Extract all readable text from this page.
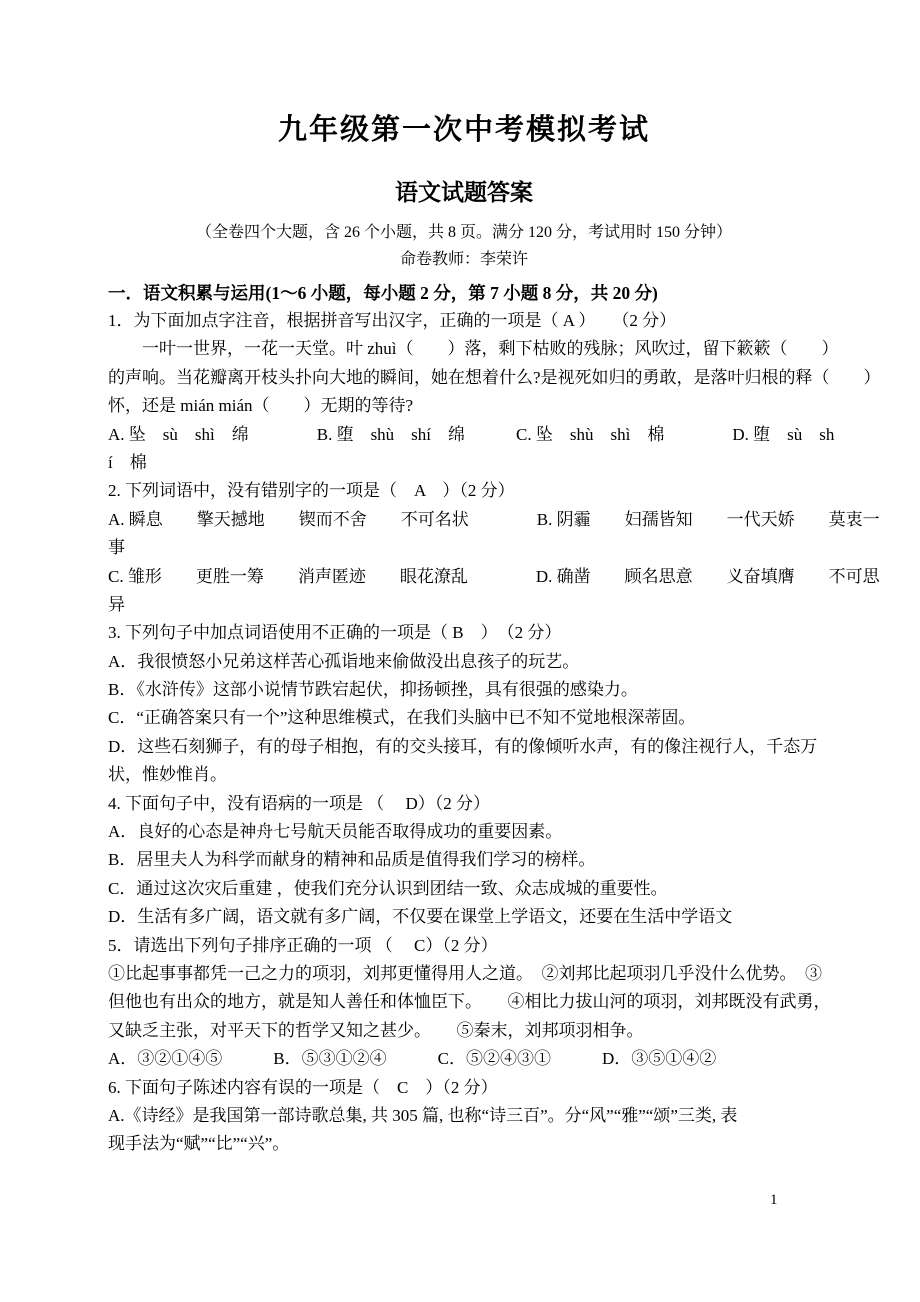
九年级第一次中考模拟考试
语文试题答案
（全卷四个大题，含 26 个小题，共 8 页。满分 120 分，考试用时 150 分钟）
命卷教师：李荣许
一．语文积累与运用(1～6 小题，每小题 2 分，第 7 小题 8 分，共 20 分)
1．为下面加点字注音，根据拼音写出汉字，正确的一项是（ A ）　　（2 分）
　　一叶一世界，一花一天堂。叶 zhuì（　　）落，剩下枯败的残脉；风吹过，留下簌簌（　　）
的声响。当花瓣离开枝头扑向大地的瞬间，她在想着什么?是视死如归的勇敢，是落叶归根的释（　　）
怀，还是 mián mián（　　）无期的等待?
A. 坠　sù　shì　绵　　　　B. 堕　shù　shí　绵　　　C. 坠　shù　shì　棉　　　　D. 堕　sù　sh
í　棉
2. 下列词语中，没有错别字的一项是（　A　）（2 分）
A. 瞬息　　擎天撼地　　锲而不舍　　不可名状　　　　B. 阴霾　　妇孺皆知　　一代天娇　　莫衷一
事
C. 雏形　　更胜一筹　　消声匿迹　　眼花潦乱　　　　D. 确凿　　顾名思意　　义奋填膺　　不可思
异
3. 下列句子中加点词语使用不正确的一项是（ B　）　（2 分）
A．我很愤怒小兄弟这样苦心孤诣地来偷做没出息孩子的玩艺。
B．《水浒传》这部小说情节跌宕起伏，抑扬顿挫，具有很强的感染力。
C．“正确答案只有一个”这种思维模式，在我们头脑中已不知不觉地根深蒂固。
D．这些石刻狮子，有的母子相抱，有的交头接耳，有的像倾听水声，有的像注视行人，千态万
状，惟妙惟肖。
4. 下面句子中，没有语病的一项是 （　 D）（2 分）
A．良好的心态是神舟七号航天员能否取得成功的重要因素。
B．居里夫人为科学而献身的精神和品质是值得我们学习的榜样。
C．通过这次灾后重建 ，使我们充分认识到团结一致、众志成城的重要性。
D．生活有多广阔，语文就有多广阔，不仅要在课堂上学语文，还要在生活中学语文
5．请选出下列句子排序正确的一项 （　 C）（2 分）
①比起事事都凭一己之力的项羽，刘邦更懂得用人之道。　②刘邦比起项羽几乎没什么优势。　③
但他也有出众的地方，就是知人善任和体恤臣下。　　④相比力拔山河的项羽，刘邦既没有武勇，
又缺乏主张，对平天下的哲学又知之甚少。　　⑤秦末，刘邦项羽相争。
A．③②①④⑤　　　B．⑤③①②④　　　C．⑤②④③①　　　D．③⑤①④②
6. 下面句子陈述内容有误的一项是（　C　）（2 分）
A.《诗经》是我国第一部诗歌总集, 共 305 篇, 也称“诗三百”。分“风”“雅”“颂”三类, 表
现手法为“赋”“比”“兴”。
1
